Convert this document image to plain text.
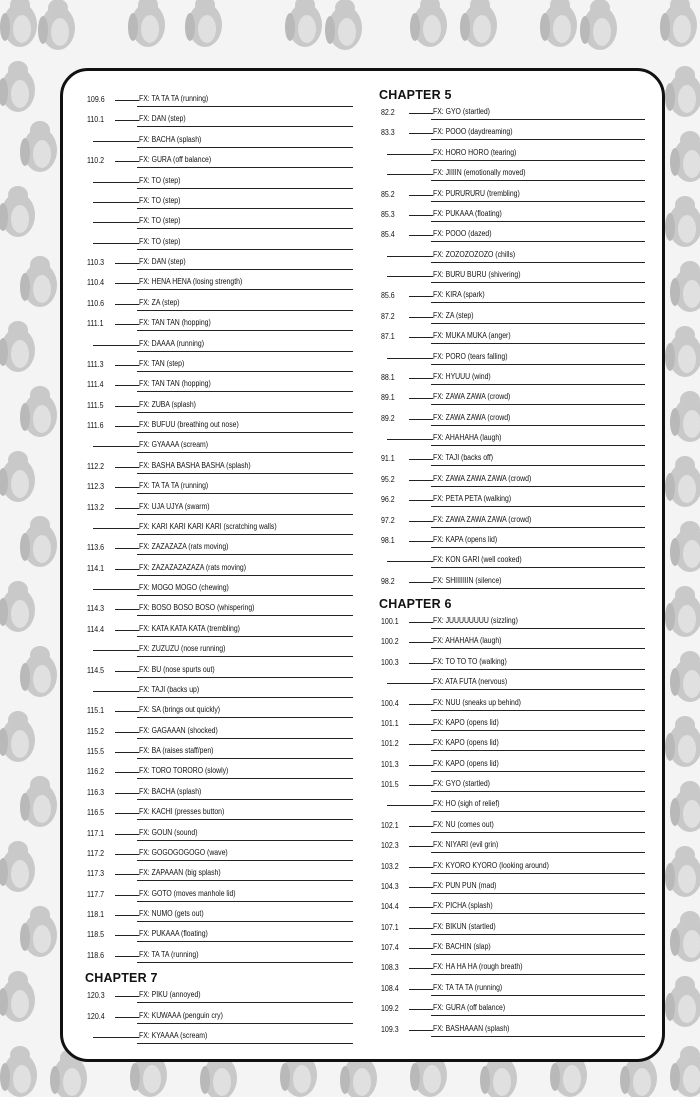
109.6	FX: TA TA TA (running)
110.1	FX: DAN (step)
FX: BACHA (splash)
110.2	FX: GURA (off balance)
FX: TO (step)
FX: TO (step)
FX: TO (step)
FX: TO (step)
110.3	FX: DAN (step)
110.4	FX: HENA HENA (losing strength)
110.6	FX: ZA (step)
111.1	FX: TAN TAN (hopping)
FX: DAAAA (running)
111.3	FX: TAN (step)
111.4	FX: TAN TAN (hopping)
111.5	FX: ZUBA (splash)
111.6	FX: BUFUU (breathing out nose)
FX: GYAAAA (scream)
112.2	FX: BASHA BASHA BASHA (splash)
112.3	FX: TA TA TA (running)
113.2	FX: UJA UJYA (swarm)
FX: KARI KARI KARI KARI (scratching walls)
113.6	FX: ZAZAZAZA (rats moving)
114.1	FX: ZAZAZAZAZAZA (rats moving)
FX: MOGO MOGO (chewing)
114.3	FX: BOSO BOSO BOSO (whispering)
114.4	FX: KATA KATA KATA (trembling)
FX: ZUZUZU (nose running)
114.5	FX: BU (nose spurts out)
FX: TAJI (backs up)
115.1	FX: SA (brings out quickly)
115.2	FX: GAGAAAN (shocked)
115.5	FX: BA (raises staff/pen)
116.2	FX: TORO TORORO (slowly)
116.3	FX: BACHA (splash)
116.5	FX: KACHI (presses button)
117.1	FX: GOUN (sound)
117.2	FX: GOGOGOGOGO (wave)
117.3	FX: ZAPAAAN (big splash)
117.7	FX: GOTO (moves manhole lid)
118.1	FX: NUMO (gets out)
118.5	FX: PUKAAA (floating)
118.6	FX: TA TA (running)
CHAPTER 7
120.3	FX: PIKU (annoyed)
120.4	FX: KUWAAA (penguin cry)
FX: KYAAAA (scream)
CHAPTER 5
82.2	FX: GYO (startled)
83.3	FX: POOO (daydreaming)
FX: HORO HORO (tearing)
FX: JIIIIN (emotionally moved)
85.2	FX: PURURURU (trembling)
85.3	FX: PUKAAA (floating)
85.4	FX: POOO (dazed)
FX: ZOZOZOZOZO (chills)
FX: BURU BURU (shivering)
85.6	FX: KIRA (spark)
87.2	FX: ZA (step)
87.1	FX: MUKA MUKA (anger)
FX: PORO (tears falling)
88.1	FX: HYUUU (wind)
89.1	FX: ZAWA ZAWA (crowd)
89.2	FX: ZAWA ZAWA (crowd)
FX: AHAHAHA (laugh)
91.1	FX: TAJI (backs off)
95.2	FX: ZAWA ZAWA ZAWA (crowd)
96.2	FX: PETA PETA (walking)
97.2	FX: ZAWA ZAWA ZAWA (crowd)
98.1	FX: KAPA (opens lid)
FX: KON GARI (well cooked)
98.2	FX: SHIIIIIIIN (silence)
CHAPTER 6
100.1	FX: JUUUUUUUU (sizzling)
100.2	FX: AHAHAHA (laugh)
100.3	FX: TO TO TO (walking)
FX: ATA FUTA (nervous)
100.4	FX: NUU (sneaks up behind)
101.1	FX: KAPO (opens lid)
101.2	FX: KAPO (opens lid)
101.3	FX: KAPO (opens lid)
101.5	FX: GYO (startled)
FX: HO (sigh of relief)
102.1	FX: NU (comes out)
102.3	FX: NIYARI (evil grin)
103.2	FX: KYORO KYORO (looking around)
104.3	FX: PUN PUN (mad)
104.4	FX: PICHA (splash)
107.1	FX: BIKUN (startled)
107.4	FX: BACHIN (slap)
108.3	FX: HA HA HA (rough breath)
108.4	FX: TA TA TA (running)
109.2	FX: GURA (off balance)
109.3	FX: BASHAAAN (splash)
